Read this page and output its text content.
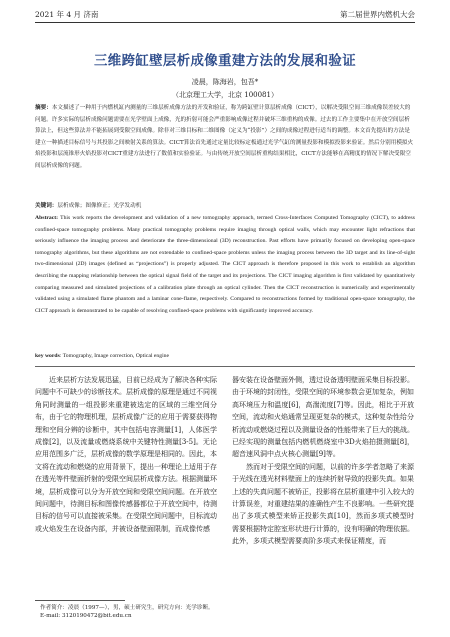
2021 年 4 月 济南	第二届世界内燃机大会
三维跨缸壁层析成像重建方法的发展和验证
凌晨，陈海岩，包吾*
（北京理工大学，北京 100081）
摘要：本文描述了一种用于内燃机缸内测量的三维层析成像方法的开发和验证，称为跨缸壁计算层析成像（CICT），以解决受限空间三维成像误差较大的问题。许多实际的层析成像问题需要在光学壁面上成像，光的折射可能会严重影响成像过程并破坏三维重构的成像。过去的工作主要集中在开放空间层析算法上，但这些算法并不能拓展到受限空间成像。除非对三维目标和二维图像（定义为“投影”）之间的成像过程进行适当的调整。本文首先提出的方法是建立一种描述目标信号与其投影之间映射关系的算法。CICT算法首先通过定量比较标定板通过光学气缸的测量投影和模拟投影来验证。然后分别用模拟火焰投影和层流锥形火焰投影对CICT重建方法进行了数值和实验验证。与由传统开放空间层析重构结果相比，CICT方法能够在高精度的情况下解决受限空间层析成像的问题。
关键词：层析成像；图像修正；光学发动机
Abstract: This work reports the development and validation of a new tomography approach, termed Cross-Interfaces Computed Tomography (CICT), to address confined-space tomography problems. Many practical tomography problems require imaging through optical walls, which may encounter light refractions that seriously influence the imaging process and deteriorate the three-dimensional (3D) reconstruction. Past efforts have primarily focused on developing open-space tomography algorithms, but these algorithms are not extendable to confined-space problems unless the imaging process between the 3D target and its line-of-sight two-dimensional (2D) images (defined as “projections”) is properly adjusted. The CICT approach is therefore proposed in this work to establish an algorithm describing the mapping relationship between the optical signal field of the target and its projections. The CICT imaging algorithm is first validated by quantitatively comparing measured and simulated projections of a calibration plate through an optical cylinder. Then the CICT reconstruction is numerically and experimentally validated using a simulated flame phantom and a laminar cone-flame, respectively. Compared to reconstructions formed by traditional open-space tomography, the CICT approach is demonstrated to be capable of resolving confined-space problems with significantly improved accuracy.
key words: Tomography, Image correction, Optical engine
近来层析方法发展迅猛，目前已经成为了解决各种实际问题中不可缺少的诊断技术。层析成像的原理是通过不同视角同时测量的一组投影来重建被选定的区域的三维空间分布，由于它的物理机理，层析成像广泛的应用于需要获得物理和空间分辨的诊断中，其中包括电容测量[1]，人体医学成像[2]，以及流量或燃烧系统中关键特性测量[3-5]。无论应用范围多广泛，层析成像的数学原理是相同的。因此，本文将在流动和燃烧的应用背景下，提出一种理论上适用于存在透光等件壁面折射的受限空间层析成像方法。根据测量环境，层析成像可以分为开放空间和受限空间问题。在开放空间问题中，待测目标和图像传感器都位于开放空间中，待测目标的信号可以直接被采集。在受限空间问题中，目标流动或火焰发生在设备内部，并被设备壁面限制，而成像传感

器安装在设备壁面外侧，透过设备透明壁面采集目标投影。由于环境的封闭性，受限空间的环境参数会更加复杂，例如高环境压力和温度[6]，高湍流度[7]等。因此，相比于开放空间，流动和火焰通常呈现更复杂的模式，这种复杂性给分析流动或燃烧过程以及测量设备的性能带来了巨大的挑战。已经实现的测量包括内燃机燃烧室中3D火焰拍摄测量[8]，超音速风洞中点火核心测量[9]等。

然而对于受限空间的问题，以前的许多学者忽略了来源于光线在透光材料壁面上的连续折射导致的投影失真。如果上述的失真问题不被矫正，投影将在层析重建中引入较大的计算误差，对重建结果的准确性产生不良影响。一些研究提出了多项式模型来矫正投影失真[10]，然而多项式模型时需要根据特定腔室形状进行计算的，没有明确的物理依据。此外，多项式模型需要高阶多项式来保证精度，而

作者简介：凌晨（1997—），男，硕士研究生，研究方向：光学诊断。
E-mail: 3120190472@bit.edu.cn
